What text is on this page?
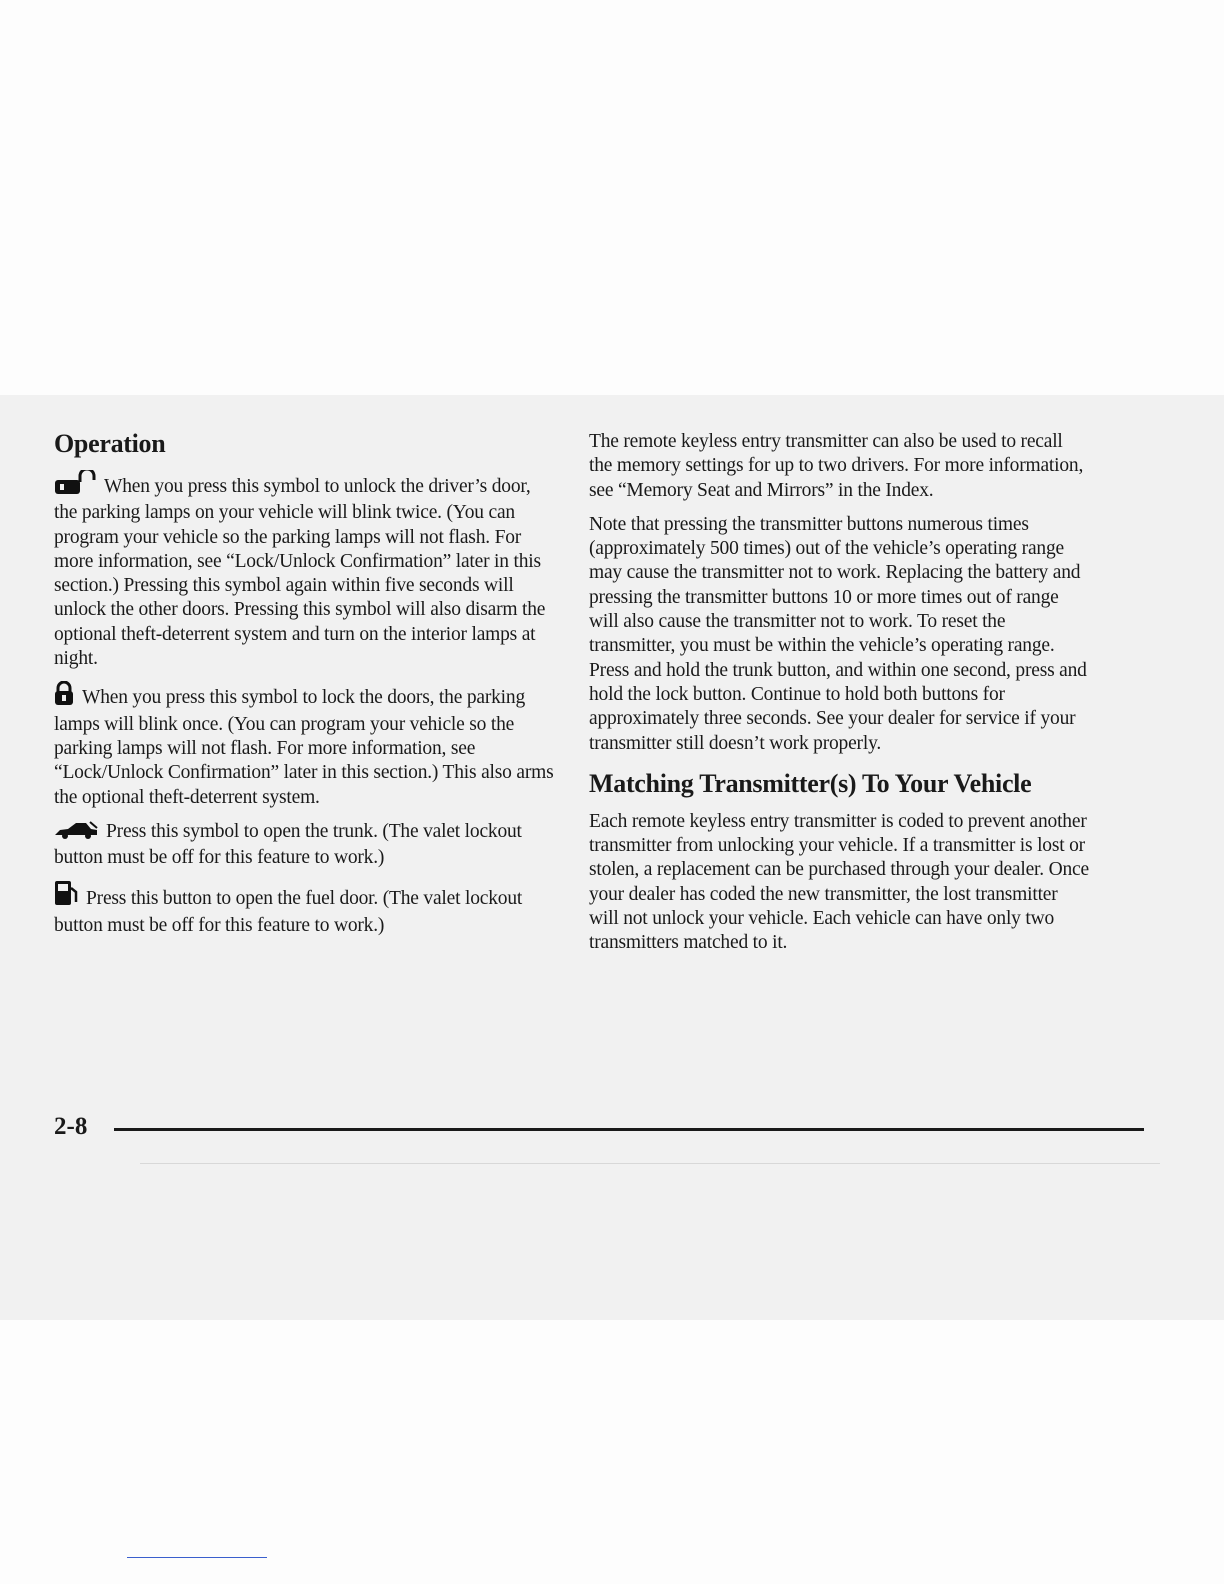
Operation

When you press this symbol to unlock the driver’s door, the parking lamps on your vehicle will blink twice. (You can program your vehicle so the parking lamps will not flash. For more information, see “Lock/Unlock Confirmation” later in this section.) Pressing this symbol again within five seconds will unlock the other doors. Pressing this symbol will also disarm the optional theft-deterrent system and turn on the interior lamps at night.

When you press this symbol to lock the doors, the parking lamps will blink once. (You can program your vehicle so the parking lamps will not flash. For more information, see “Lock/Unlock Confirmation” later in this section.) This also arms the optional theft-deterrent system.

Press this symbol to open the trunk. (The valet lockout button must be off for this feature to work.)

Press this button to open the fuel door. (The valet lockout button must be off for this feature to work.)

The remote keyless entry transmitter can also be used to recall the memory settings for up to two drivers. For more information, see “Memory Seat and Mirrors” in the Index.

Note that pressing the transmitter buttons numerous times (approximately 500 times) out of the vehicle’s operating range may cause the transmitter not to work. Replacing the battery and pressing the transmitter buttons 10 or more times out of range will also cause the transmitter not to work. To reset the transmitter, you must be within the vehicle’s operating range. Press and hold the trunk button, and within one second, press and hold the lock button. Continue to hold both buttons for approximately three seconds. See your dealer for service if your transmitter still doesn’t work properly.

Matching Transmitter(s) To Your Vehicle

Each remote keyless entry transmitter is coded to prevent another transmitter from unlocking your vehicle. If a transmitter is lost or stolen, a replacement can be purchased through your dealer. Once your dealer has coded the new transmitter, the lost transmitter will not unlock your vehicle. Each vehicle can have only two transmitters matched to it.

2-8
